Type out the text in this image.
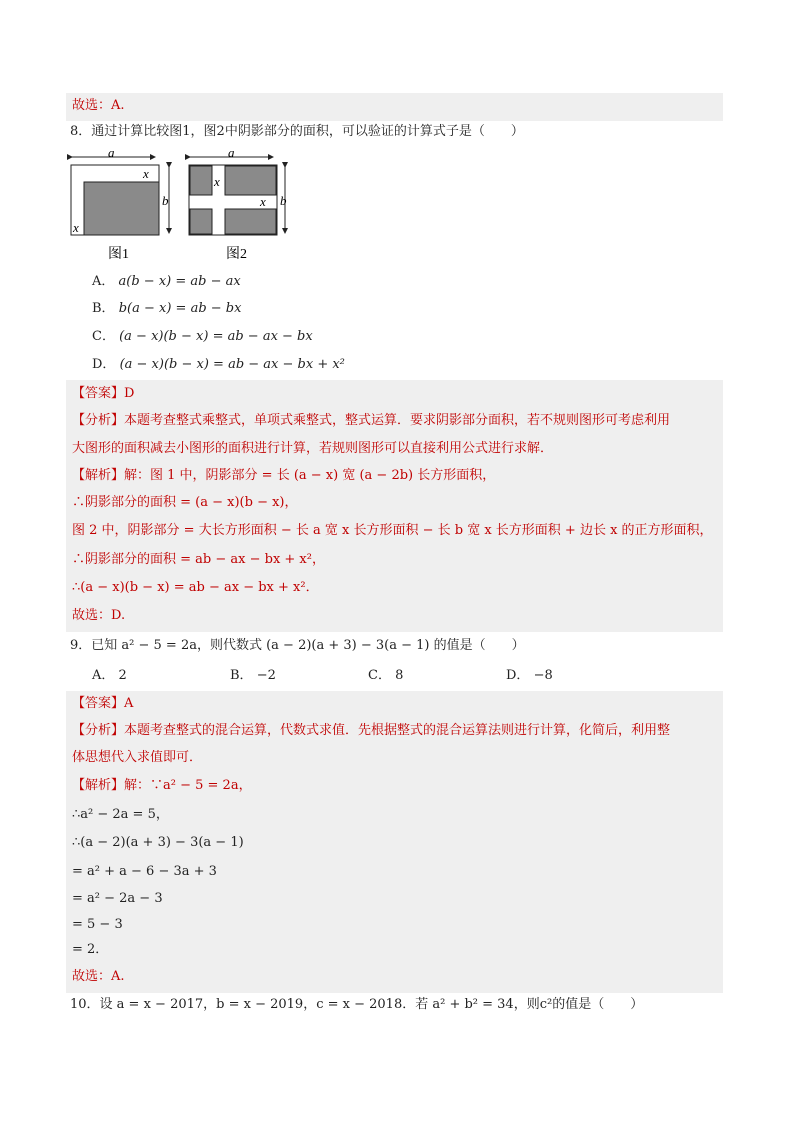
故选：A.
8．通过计算比较图1，图2中阴影部分的面积，可以验证的计算式子是（　　）
a
x
x
b
图1
a
x
x b
图2
A． a(b − x) = ab − ax
B． b(a − x) = ab − bx
C． (a − x)(b − x) = ab − ax − bx
D． (a − x)(b − x) = ab − ax − bx + x²
【答案】D
【分析】本题考查整式乘整式，单项式乘整式，整式运算．要求阴影部分面积，若不规则图形可考虑利用
大图形的面积减去小图形的面积进行计算，若规则图形可以直接利用公式进行求解．
【解析】解：图 1 中，阴影部分 = 长 (a − x) 宽 (a − 2b) 长方形面积，
∴阴影部分的面积 = (a − x)(b − x)，
图 2 中，阴影部分 = 大长方形面积 − 长 a 宽 x 长方形面积 − 长 b 宽 x 长方形面积 + 边长 x 的正方形面积，
∴阴影部分的面积 = ab − ax − bx + x²，
∴(a − x)(b − x) = ab − ax − bx + x²．
故选：D.
9．已知 a² − 5 = 2a，则代数式 (a − 2)(a + 3) − 3(a − 1) 的值是（　　）
A． 2	B． −2	C． 8	D． −8
【答案】A
【分析】本题考查整式的混合运算，代数式求值．先根据整式的混合运算法则进行计算，化简后，利用整
体思想代入求值即可．
【解析】解：∵a² − 5 = 2a，
∴a² − 2a = 5，
∴(a − 2)(a + 3) − 3(a − 1)
= a² + a − 6 − 3a + 3
= a² − 2a − 3
= 5 − 3
= 2．
故选：A.
10．设 a = x − 2017，b = x − 2019，c = x − 2018．若 a² + b² = 34，则c²的值是（　　）
